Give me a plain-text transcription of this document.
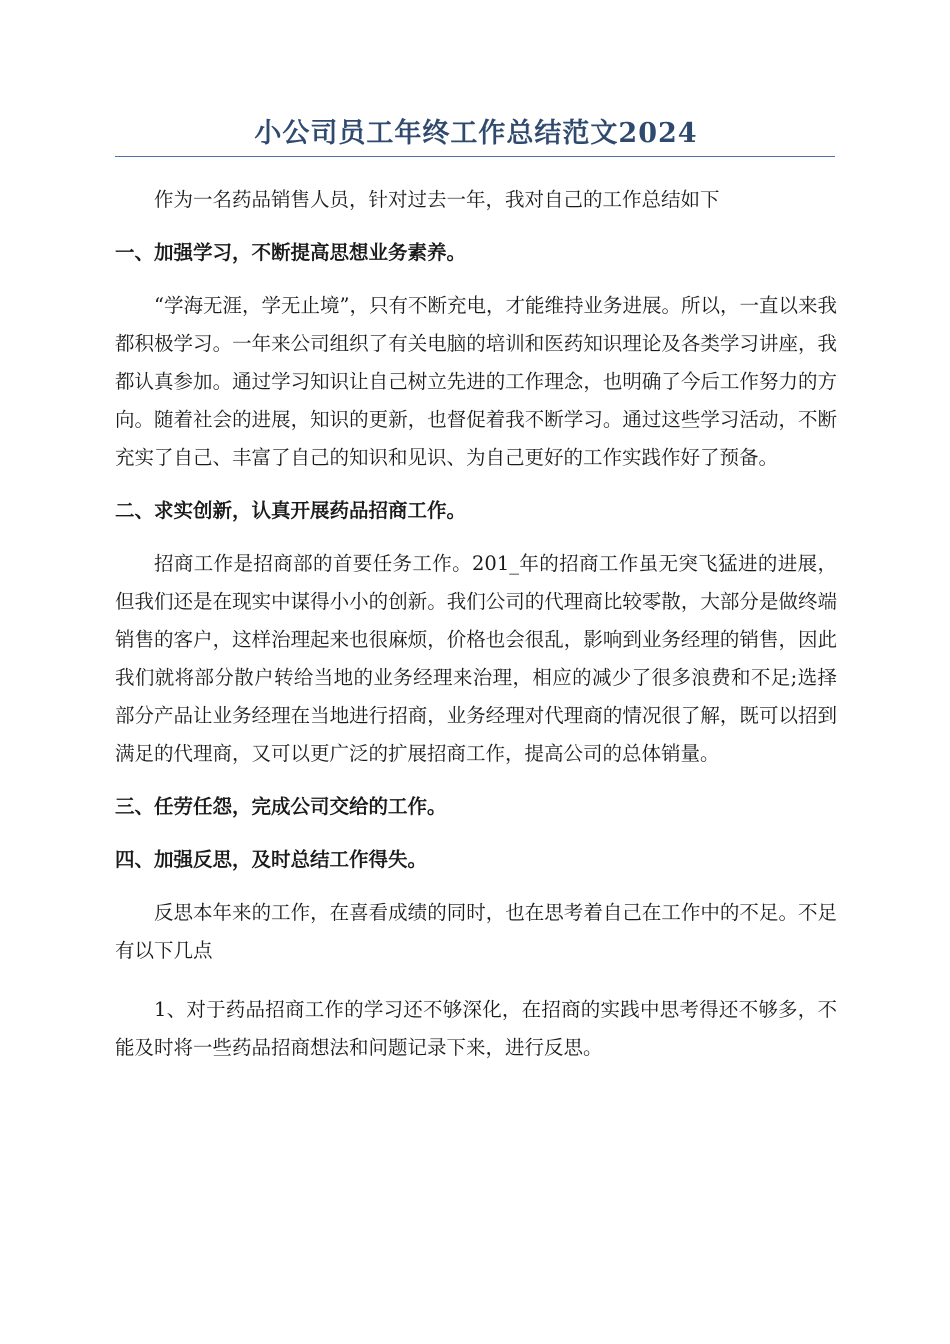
小公司员工年终工作总结范文2024

作为一名药品销售人员，针对过去一年，我对自己的工作总结如下

一、加强学习，不断提高思想业务素养。

“学海无涯，学无止境”，只有不断充电，才能维持业务进展。所以，一直以来我都积极学习。一年来公司组织了有关电脑的培训和医药知识理论及各类学习讲座，我都认真参加。通过学习知识让自己树立先进的工作理念，也明确了今后工作努力的方向。随着社会的进展，知识的更新，也督促着我不断学习。通过这些学习活动，不断充实了自己、丰富了自己的知识和见识、为自己更好的工作实践作好了预备。

二、求实创新，认真开展药品招商工作。

招商工作是招商部的首要任务工作。201_年的招商工作虽无突飞猛进的进展，但我们还是在现实中谋得小小的创新。我们公司的代理商比较零散，大部分是做终端销售的客户，这样治理起来也很麻烦，价格也会很乱，影响到业务经理的销售，因此我们就将部分散户转给当地的业务经理来治理，相应的减少了很多浪费和不足;选择部分产品让业务经理在当地进行招商，业务经理对代理商的情况很了解，既可以招到满足的代理商，又可以更广泛的扩展招商工作，提高公司的总体销量。

三、任劳任怨，完成公司交给的工作。
四、加强反思，及时总结工作得失。

反思本年来的工作，在喜看成绩的同时，也在思考着自己在工作中的不足。不足有以下几点

1、对于药品招商工作的学习还不够深化，在招商的实践中思考得还不够多，不能及时将一些药品招商想法和问题记录下来，进行反思。
